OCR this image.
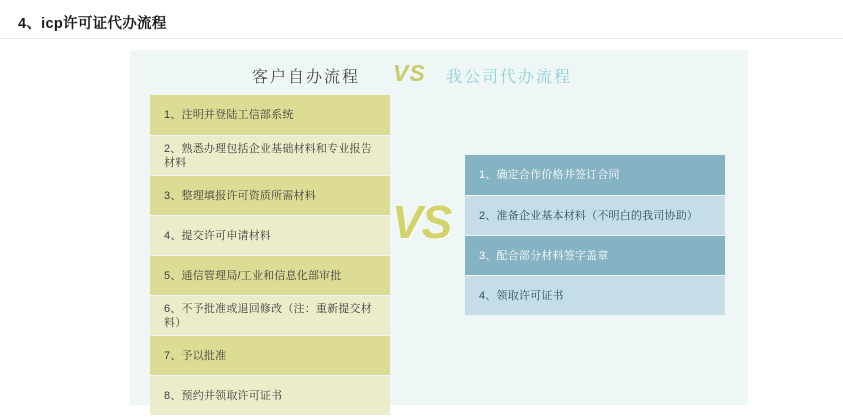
4、icp许可证代办流程
客户自办流程 VS 我公司代办流程
VS
1、注明并登陆工信部系统
2、熟悉办理包括企业基础材料和专业报告材料
3、整理填报许可资质所需材料
4、提交许可申请材料
5、通信管理局/工业和信息化部审批
6、不予批准或退回修改（注：重新提交材料）
7、予以批准
8、预约并领取许可证书
1、确定合作价格并签订合同
2、准备企业基本材料（不明白的我司协助）
3、配合部分材料签字盖章
4、领取许可证书
